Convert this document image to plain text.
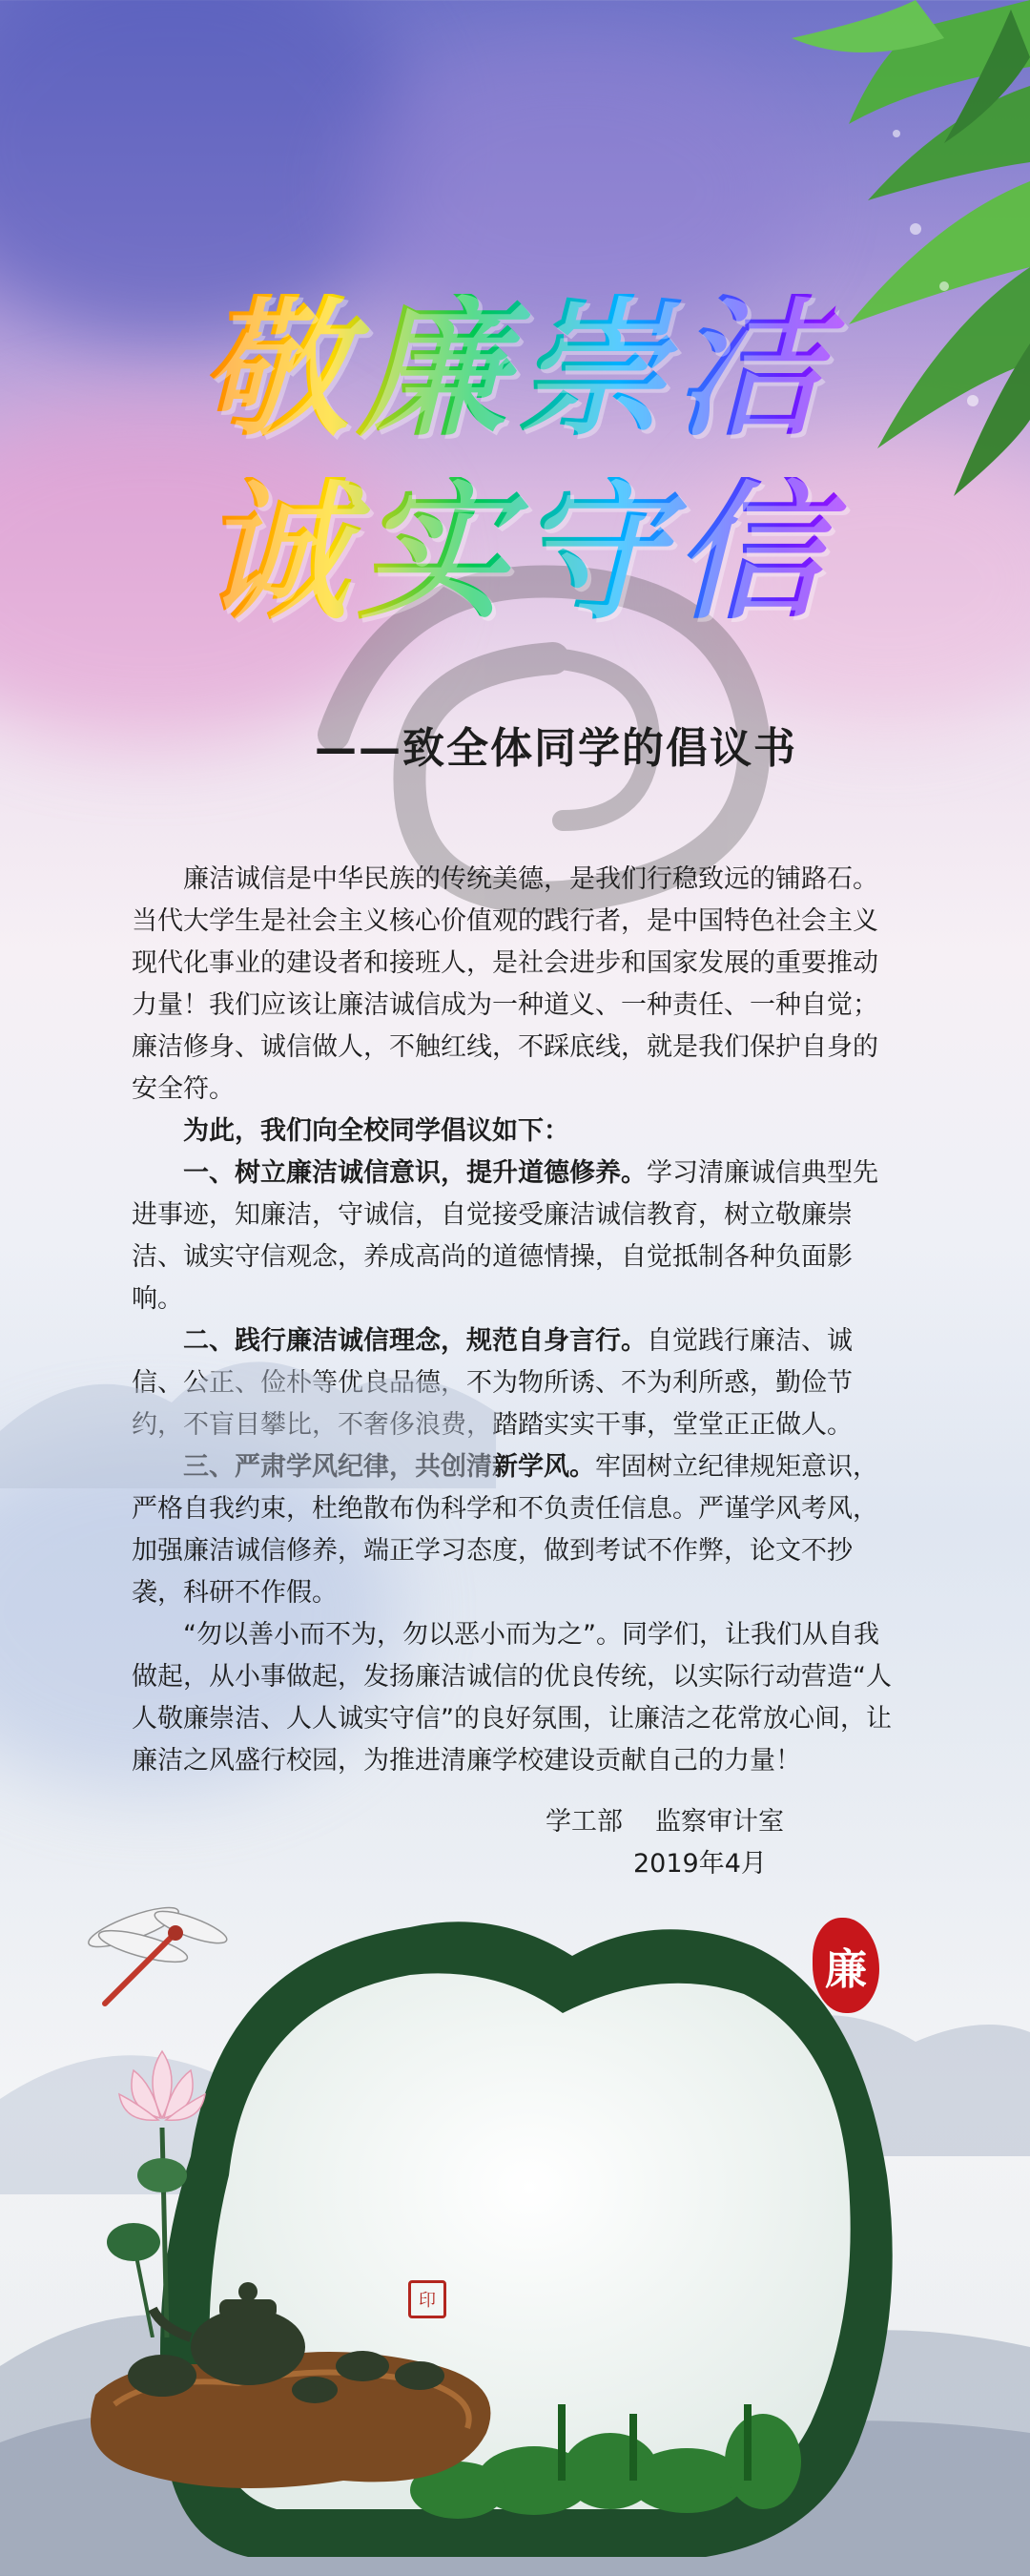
敬廉崇洁
诚实守信
——致全体同学的倡议书

廉洁诚信是中华民族的传统美德，是我们行稳致远的铺路石。当代大学生是社会主义核心价值观的践行者，是中国特色社会主义现代化事业的建设者和接班人，是社会进步和国家发展的重要推动力量！我们应该让廉洁诚信成为一种道义、一种责任、一种自觉；廉洁修身、诚信做人，不触红线，不踩底线，就是我们保护自身的安全符。

为此，我们向全校同学倡议如下：

一、树立廉洁诚信意识，提升道德修养。学习清廉诚信典型先进事迹，知廉洁，守诚信，自觉接受廉洁诚信教育，树立敬廉崇洁、诚实守信观念，养成高尚的道德情操，自觉抵制各种负面影响。

二、践行廉洁诚信理念，规范自身言行。自觉践行廉洁、诚信、公正、俭朴等优良品德，不为物所诱、不为利所惑，勤俭节约，不盲目攀比，不奢侈浪费，踏踏实实干事，堂堂正正做人。

三、严肃学风纪律，共创清新学风。牢固树立纪律规矩意识，严格自我约束，杜绝散布伪科学和不负责任信息。严谨学风考风，加强廉洁诚信修养，端正学习态度，做到考试不作弊，论文不抄袭，科研不作假。

“勿以善小而不为，勿以恶小而为之”。同学们，让我们从自我做起，从小事做起，发扬廉洁诚信的优良传统，以实际行动营造“人人敬廉崇洁、人人诚实守信”的良好氛围，让廉洁之花常放心间，让廉洁之风盛行校园，为推进清廉学校建设贡献自己的力量！

学工部 监察审计室
2019年4月
廉
印
